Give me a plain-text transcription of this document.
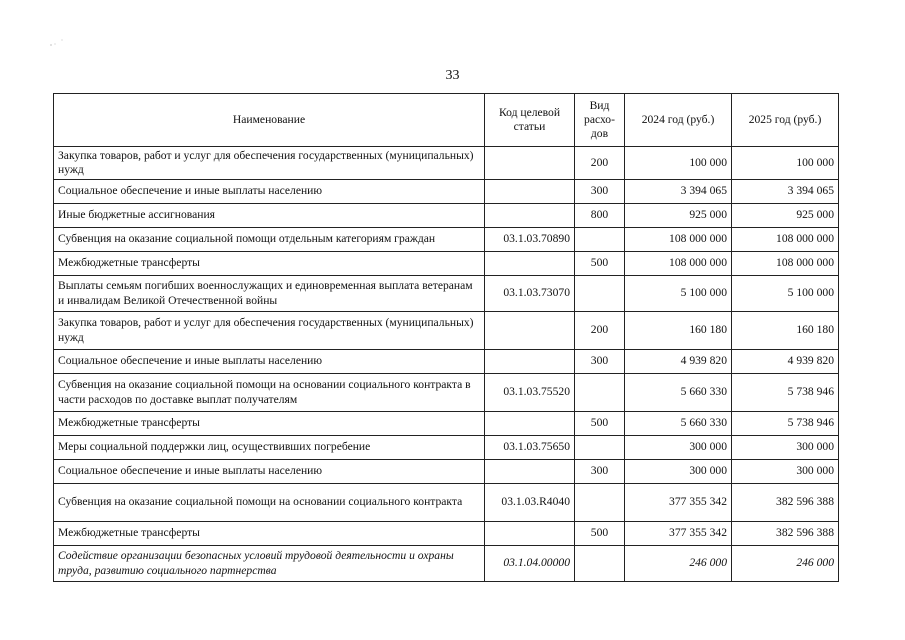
33
Наименование	Код целевой статьи	Вид расхо-дов	2024 год (руб.)	2025 год (руб.)
Закупка товаров, работ и услуг для обеспечения государственных (муниципальных) нужд		200	100 000	100 000
Социальное обеспечение и иные выплаты населению		300	3 394 065	3 394 065
Иные бюджетные ассигнования		800	925 000	925 000
Субвенция на оказание социальной помощи отдельным категориям граждан	03.1.03.70890		108 000 000	108 000 000
Межбюджетные трансферты		500	108 000 000	108 000 000
Выплаты семьям погибших военнослужащих и единовременная выплата ветеранам и инвалидам Великой Отечественной войны	03.1.03.73070		5 100 000	5 100 000
Закупка товаров, работ и услуг для обеспечения государственных (муниципальных) нужд		200	160 180	160 180
Социальное обеспечение и иные выплаты населению		300	4 939 820	4 939 820
Субвенция на оказание социальной помощи на основании социального контракта в части расходов по доставке выплат получателям	03.1.03.75520		5 660 330	5 738 946
Межбюджетные трансферты		500	5 660 330	5 738 946
Меры социальной поддержки лиц, осуществивших погребение	03.1.03.75650		300 000	300 000
Социальное обеспечение и иные выплаты населению		300	300 000	300 000
Субвенция на оказание социальной помощи на основании социального контракта	03.1.03.R4040		377 355 342	382 596 388
Межбюджетные трансферты		500	377 355 342	382 596 388
Содействие организации безопасных условий трудовой деятельности и охраны труда, развитию социального партнерства	03.1.04.00000		246 000	246 000
